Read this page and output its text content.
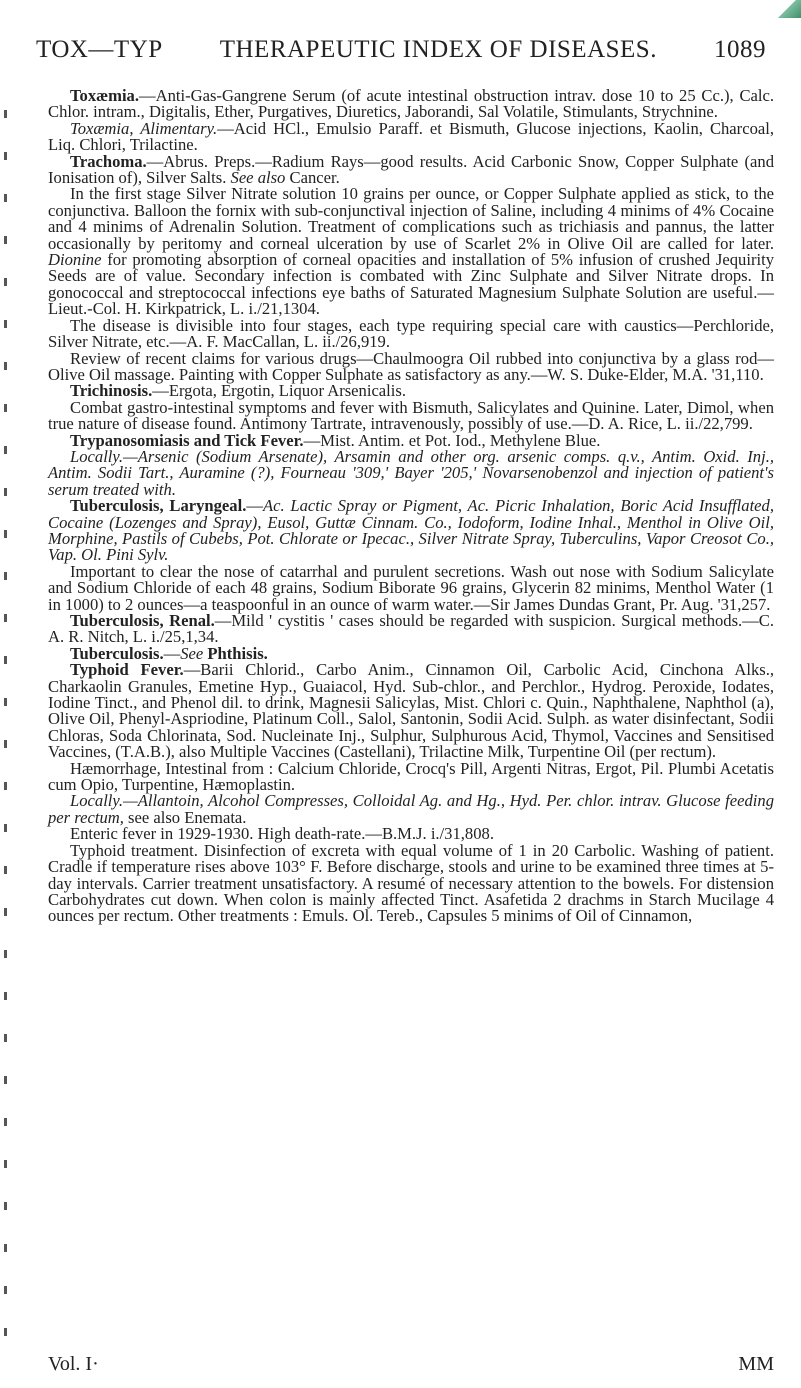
TOX—TYP	THERAPEUTIC INDEX OF DISEASES.	1089

Toxæmia.—Anti-Gas-Gangrene Serum (of acute intestinal obstruction intrav. dose 10 to 25 Cc.), Calc. Chlor. intram., Digitalis, Ether, Purgatives, Diuretics, Jaborandi, Sal Volatile, Stimulants, Strychnine.

Toxæmia, Alimentary.—Acid HCl., Emulsio Paraff. et Bismuth, Glucose injections, Kaolin, Charcoal, Liq. Chlori, Trilactine.

Trachoma.—Abrus. Preps.—Radium Rays—good results. Acid Carbonic Snow, Copper Sulphate (and Ionisation of), Silver Salts. See also Cancer.

In the first stage Silver Nitrate solution 10 grains per ounce, or Copper Sulphate applied as stick, to the conjunctiva. Balloon the fornix with sub-conjunctival injection of Saline, including 4 minims of 4% Cocaine and 4 minims of Adrenalin Solution. Treatment of complications such as trichiasis and pannus, the latter occasionally by peritomy and corneal ulceration by use of Scarlet 2% in Olive Oil are called for later. Dionine for promoting absorption of corneal opacities and installation of 5% infusion of crushed Jequirity Seeds are of value. Secondary infection is combated with Zinc Sulphate and Silver Nitrate drops. In gonococcal and streptococcal infections eye baths of Saturated Magnesium Sulphate Solution are useful.—Lieut.-Col. H. Kirkpatrick, L. i./21,1304.

The disease is divisible into four stages, each type requiring special care with caustics—Perchloride, Silver Nitrate, etc.—A. F. MacCallan, L. ii./26,919.

Review of recent claims for various drugs—Chaulmoogra Oil rubbed into conjunctiva by a glass rod—Olive Oil massage. Painting with Copper Sulphate as satisfactory as any.—W. S. Duke-Elder, M.A. '31,110.

Trichinosis.—Ergota, Ergotin, Liquor Arsenicalis.

Combat gastro-intestinal symptoms and fever with Bismuth, Salicylates and Quinine. Later, Dimol, when true nature of disease found. Antimony Tartrate, intravenously, possibly of use.—D. A. Rice, L. ii./22,799.

Trypanosomiasis and Tick Fever.—Mist. Antim. et Pot. Iod., Methylene Blue.

Locally.—Arsenic (Sodium Arsenate), Arsamin and other org. arsenic comps. q.v., Antim. Oxid. Inj., Antim. Sodii Tart., Auramine (?), Fourneau '309,' Bayer '205,' Novarsenobenzol and injection of patient's serum treated with.

Tuberculosis, Laryngeal.—Ac. Lactic Spray or Pigment, Ac. Picric Inhalation, Boric Acid Insufflated, Cocaine (Lozenges and Spray), Eusol, Guttæ Cinnam. Co., Iodoform, Iodine Inhal., Menthol in Olive Oil, Morphine, Pastils of Cubebs, Pot. Chlorate or Ipecac., Silver Nitrate Spray, Tuberculins, Vapor Creosot Co., Vap. Ol. Pini Sylv.

Important to clear the nose of catarrhal and purulent secretions. Wash out nose with Sodium Salicylate and Sodium Chloride of each 48 grains, Sodium Biborate 96 grains, Glycerin 82 minims, Menthol Water (1 in 1000) to 2 ounces—a teaspoonful in an ounce of warm water.—Sir James Dundas Grant, Pr. Aug. '31,257.

Tuberculosis, Renal.—Mild ' cystitis ' cases should be regarded with suspicion. Surgical methods.—C. A. R. Nitch, L. i./25,1,34.

Tuberculosis.—See Phthisis.

Typhoid Fever.—Barii Chlorid., Carbo Anim., Cinnamon Oil, Carbolic Acid, Cinchona Alks., Charkaolin Granules, Emetine Hyp., Guaiacol, Hyd. Sub-chlor., and Perchlor., Hydrog. Peroxide, Iodates, Iodine Tinct., and Phenol dil. to drink, Magnesii Salicylas, Mist. Chlori c. Quin., Naphthalene, Naphthol (a), Olive Oil, Phenyl-Aspriodine, Platinum Coll., Salol, Santonin, Sodii Acid. Sulph. as water disinfectant, Sodii Chloras, Soda Chlorinata, Sod. Nucleinate Inj., Sulphur, Sulphurous Acid, Thymol, Vaccines and Sensitised Vaccines, (T.A.B.), also Multiple Vaccines (Castellani), Trilactine Milk, Turpentine Oil (per rectum).

Hæmorrhage, Intestinal from : Calcium Chloride, Crocq's Pill, Argenti Nitras, Ergot, Pil. Plumbi Acetatis cum Opio, Turpentine, Hæmoplastin.

Locally.—Allantoin, Alcohol Compresses, Colloidal Ag. and Hg., Hyd. Per. chlor. intrav. Glucose feeding per rectum, see also Enemata.

Enteric fever in 1929-1930. High death-rate.—B.M.J. i./31,808.

Typhoid treatment. Disinfection of excreta with equal volume of 1 in 20 Carbolic. Washing of patient. Cradle if temperature rises above 103° F. Before discharge, stools and urine to be examined three times at 5-day intervals. Carrier treatment unsatisfactory. A resumé of necessary attention to the bowels. For distension Carbohydrates cut down. When colon is mainly affected Tinct. Asafetida 2 drachms in Starch Mucilage 4 ounces per rectum. Other treatments : Emuls. Ol. Tereb., Capsules 5 minims of Oil of Cinnamon,

Vol. I·	MM
